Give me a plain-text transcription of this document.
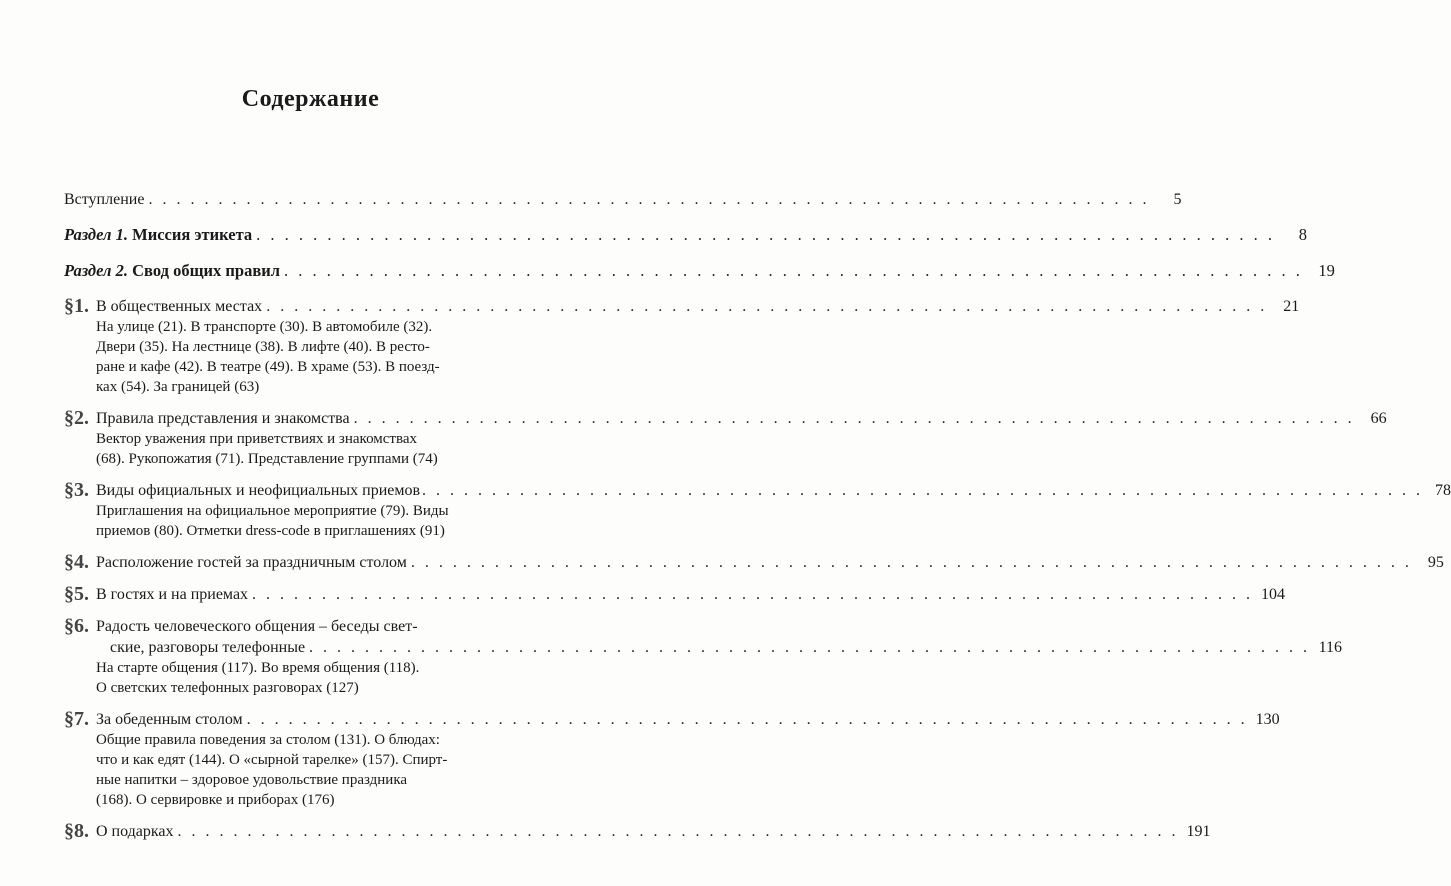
Содержание
Вступление . . .	5
Раздел 1. Миссия этикета . . .	8
Раздел 2. Свод общих правил . . .	19
§1. В общественных местах . . .	21
На улице (21). В транспорте (30). В автомобиле (32).
Двери (35). На лестнице (38). В лифте (40). В ресто-
ране и кафе (42). В театре (49). В храме (53). В поезд-
ках (54). За границей (63)
§2. Правила представления и знакомства . . .	66
Вектор уважения при приветствиях и знакомствах
(68). Рукопожатия (71). Представление группами (74)
§3. Виды официальных и неофициальных приемов . . .	78
Приглашения на официальное мероприятие (79). Виды
приемов (80). Отметки dress-code в приглашениях (91)
§4. Расположение гостей за праздничным столом . . .	95
§5. В гостях и на приемах . . .	104
§6. Радость человеческого общения – беседы свет-
ские, разговоры телефонные . . .	116
На старте общения (117). Во время общения (118).
О светских телефонных разговорах (127)
§7. За обеденным столом . . .	130
Общие правила поведения за столом (131). О блюдах:
что и как едят (144). О «сырной тарелке» (157). Спирт-
ные напитки – здоровое удовольствие праздника
(168). О сервировке и приборах (176)
§8. О подарках . . .	191
